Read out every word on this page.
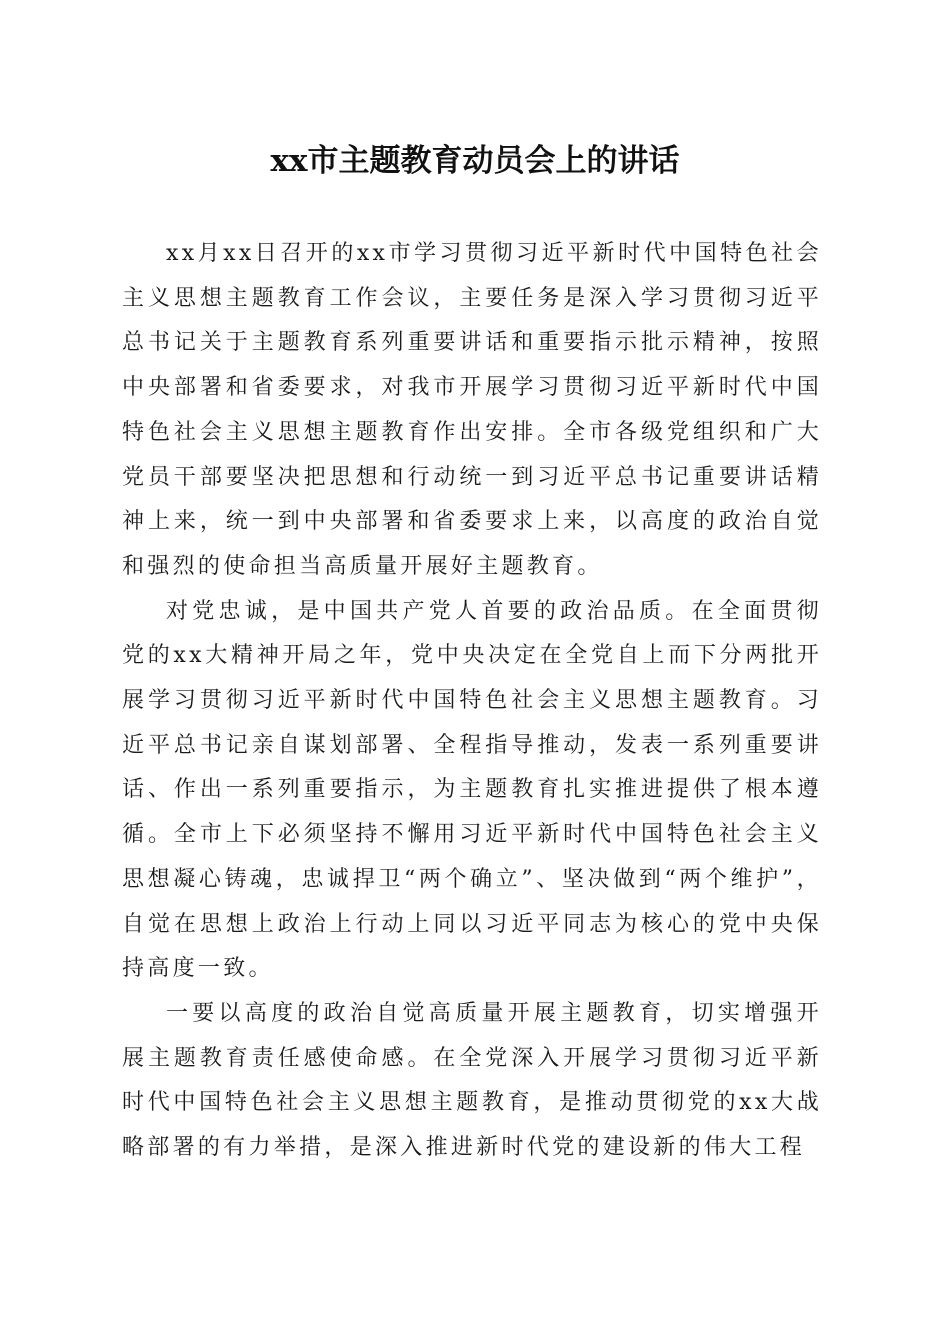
xx市主题教育动员会上的讲话

xx月xx日召开的xx市学习贯彻习近平新时代中国特色社会主义思想主题教育工作会议，主要任务是深入学习贯彻习近平总书记关于主题教育系列重要讲话和重要指示批示精神，按照中央部署和省委要求，对我市开展学习贯彻习近平新时代中国特色社会主义思想主题教育作出安排。全市各级党组织和广大党员干部要坚决把思想和行动统一到习近平总书记重要讲话精神上来，统一到中央部署和省委要求上来，以高度的政治自觉和强烈的使命担当高质量开展好主题教育。

对党忠诚，是中国共产党人首要的政治品质。在全面贯彻党的xx大精神开局之年，党中央决定在全党自上而下分两批开展学习贯彻习近平新时代中国特色社会主义思想主题教育。习近平总书记亲自谋划部署、全程指导推动，发表一系列重要讲话、作出一系列重要指示，为主题教育扎实推进提供了根本遵循。全市上下必须坚持不懈用习近平新时代中国特色社会主义思想凝心铸魂，忠诚捍卫“两个确立”、坚决做到“两个维护”，自觉在思想上政治上行动上同以习近平同志为核心的党中央保持高度一致。

一要以高度的政治自觉高质量开展主题教育，切实增强开展主题教育责任感使命感。在全党深入开展学习贯彻习近平新时代中国特色社会主义思想主题教育，是推动贯彻党的xx大战略部署的有力举措，是深入推进新时代党的建设新的伟大工程
